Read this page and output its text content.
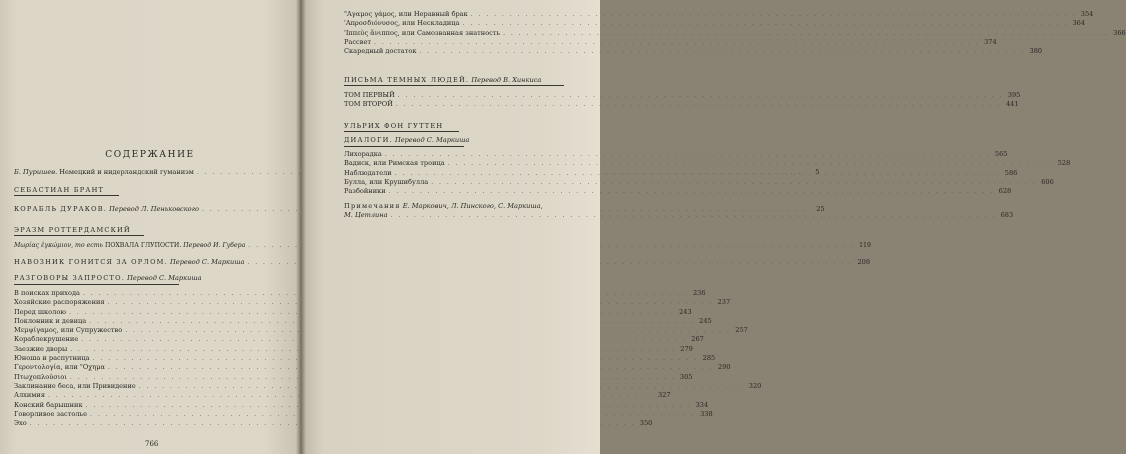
СОДЕРЖАНИЕ
Б. Пуришев. Немецкий и нидерландский гуманизм . . .	5
СЕБАСТИАН БРАНТ
КОРАБЛЬ ДУРАКОВ. Перевод Л. Пеньковского . . .	25
ЭРАЗМ РОТТЕРДАМСКИЙ
Μωρίας ἐγκώμιον, то есть ПОХВАЛА ГЛУПОСТИ. Перевод И. Губера . . .	119
НАВОЗНИК ГОНИТСЯ ЗА ОРЛОМ. Перевод С. Маркиша . . .	208
РАЗГОВОРЫ ЗАПРОСТО. Перевод С. Маркиша
В поисках прихода . . .	236
Хозяйские распоряжения . . .	237
Перед школою . . .	243
Поклонник и девица . . .	245
Μεμψίγαμος, или Супружество . . .	257
Кораблекрушение . . .	267
Заезжие дворы . . .	279
Юноша и распутница . . .	285
Γεροντολογία, или "Οχημα . . .	290
Πτωχοπλούσιοι . . .	305
Заклинание беса, или Привидение . . .	320
Алхимия . . .	327
Конский барышник . . .	334
Говорливое застолье . . .	338
Эхо . . .	350
766
"Αγαμος γάμος, или Неравный брак . . .	354
'Απροσδιόνυσος, или Нескладица . . .	364
'Ιππεὺς ἄνιππος, или Самозванная знатность . . .	366
Рассвет . . .	374
Скаредный достаток . . .	380
ПИСЬМА ТЕМНЫХ ЛЮДЕЙ. Перевод В. Хинкиса
ТОМ ПЕРВЫЙ . . .	395
ТОМ ВТОРОЙ . . .	441
УЛЬРИХ ФОН ГУТТЕН
ДИАЛОГИ. Перевод С. Маркиша
Лихорадка . . .	565
Вадиск, или Римская троица . . .	528
Наблюдатели . . .	586
Булла, или Крушибулла . . .	606
Разбойники . . .	628
Примечания Е. Маркович, Л. Пинского, С. Маркиша,
М. Цетлина . . .	683
